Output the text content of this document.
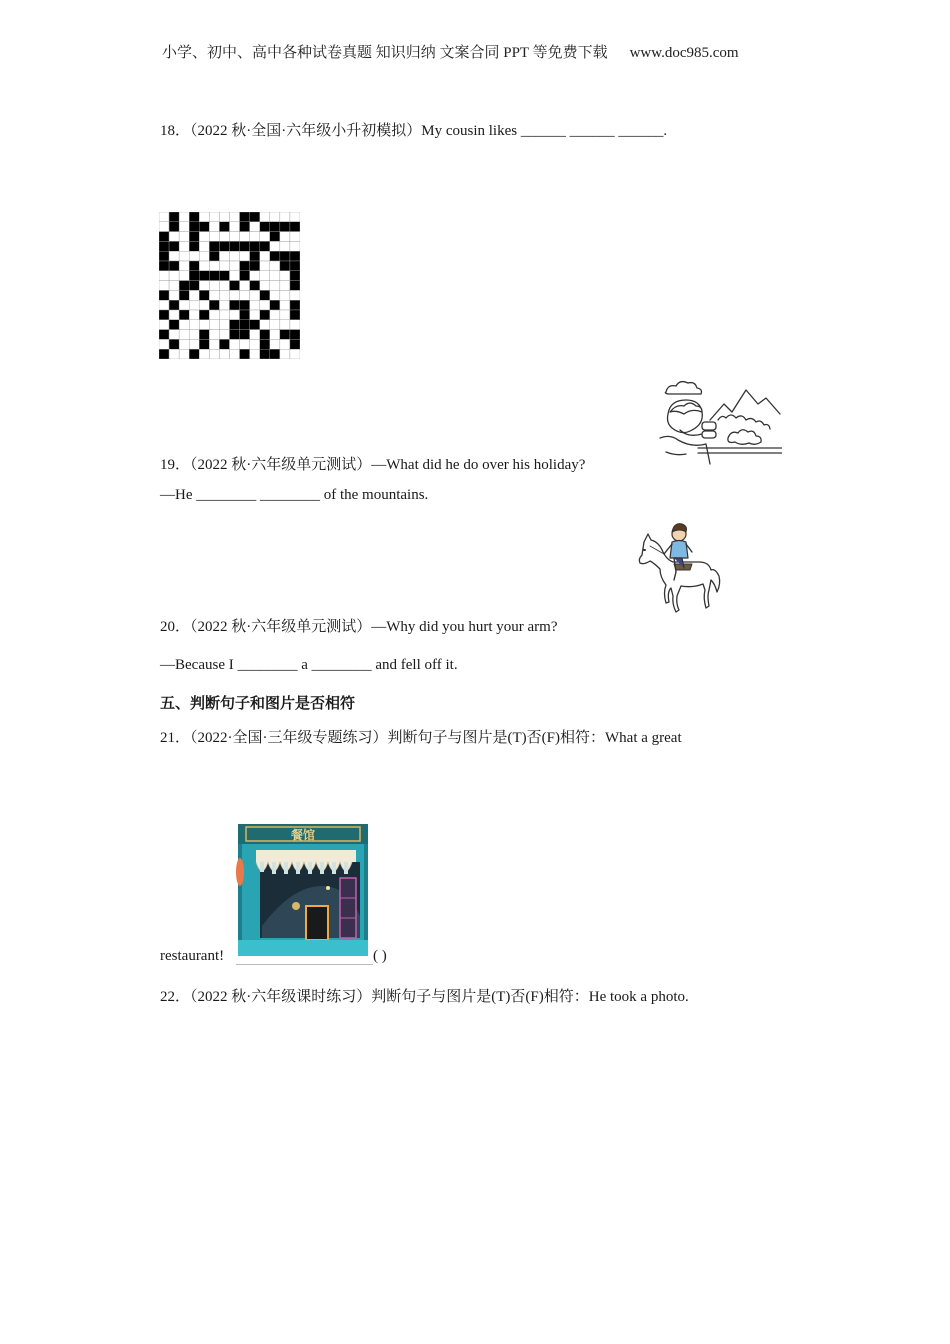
小学、初中、高中各种试卷真题 知识归纳 文案合同 PPT 等免费下载 www.doc985.com
18．（2022 秋·全国·六年级小升初模拟）My cousin likes ______ ______ ______.
19．（2022 秋·六年级单元测试）—What did he do over his holiday?
—He ________ ________ of the mountains.
20．（2022 秋·六年级单元测试）—Why did you hurt your arm?
—Because I ________ a ________ and fell off it.
五、判断句子和图片是否相符
21．（2022·全国·三年级专题练习）判断句子与图片是(T)否(F)相符：What a great
餐馆
restaurant!	( )
22．（2022 秋·六年级课时练习）判断句子与图片是(T)否(F)相符：He took a photo.
